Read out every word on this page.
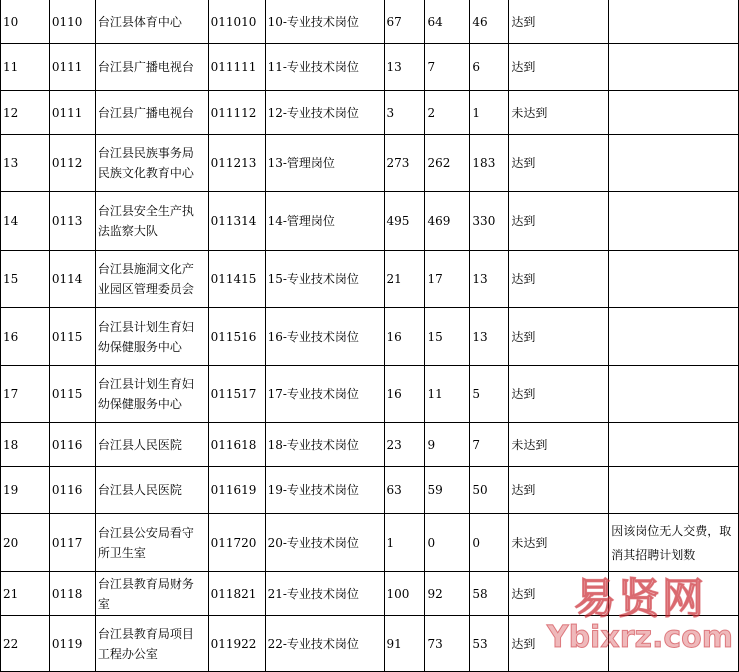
10	0110	台江县体育中心	011010	10-专业技术岗位	67	64	46	达到	
11	0111	台江县广播电视台	011111	11-专业技术岗位	13	7	6	达到	
12	0111	台江县广播电视台	011112	12-专业技术岗位	3	2	1	未达到	
13	0112	台江县民族事务局民族文化教育中心	011213	13-管理岗位	273	262	183	达到	
14	0113	台江县安全生产执法监察大队	011314	14-管理岗位	495	469	330	达到	
15	0114	台江县施洞文化产业园区管理委员会	011415	15-专业技术岗位	21	17	13	达到	
16	0115	台江县计划生育妇幼保健服务中心	011516	16-专业技术岗位	16	15	13	达到	
17	0115	台江县计划生育妇幼保健服务中心	011517	17-专业技术岗位	16	11	5	达到	
18	0116	台江县人民医院	011618	18-专业技术岗位	23	9	7	未达到	
19	0116	台江县人民医院	011619	19-专业技术岗位	63	59	50	达到	
20	0117	台江县公安局看守所卫生室	011720	20-专业技术岗位	1	0	0	未达到	因该岗位无人交费，取消其招聘计划数
21	0118	台江县教育局财务室	011821	21-专业技术岗位	100	92	58	达到	
22	0119	台江县教育局项目工程办公室	011922	22-专业技术岗位	91	73	53	达到	
易贤网
Ybixrz.com
